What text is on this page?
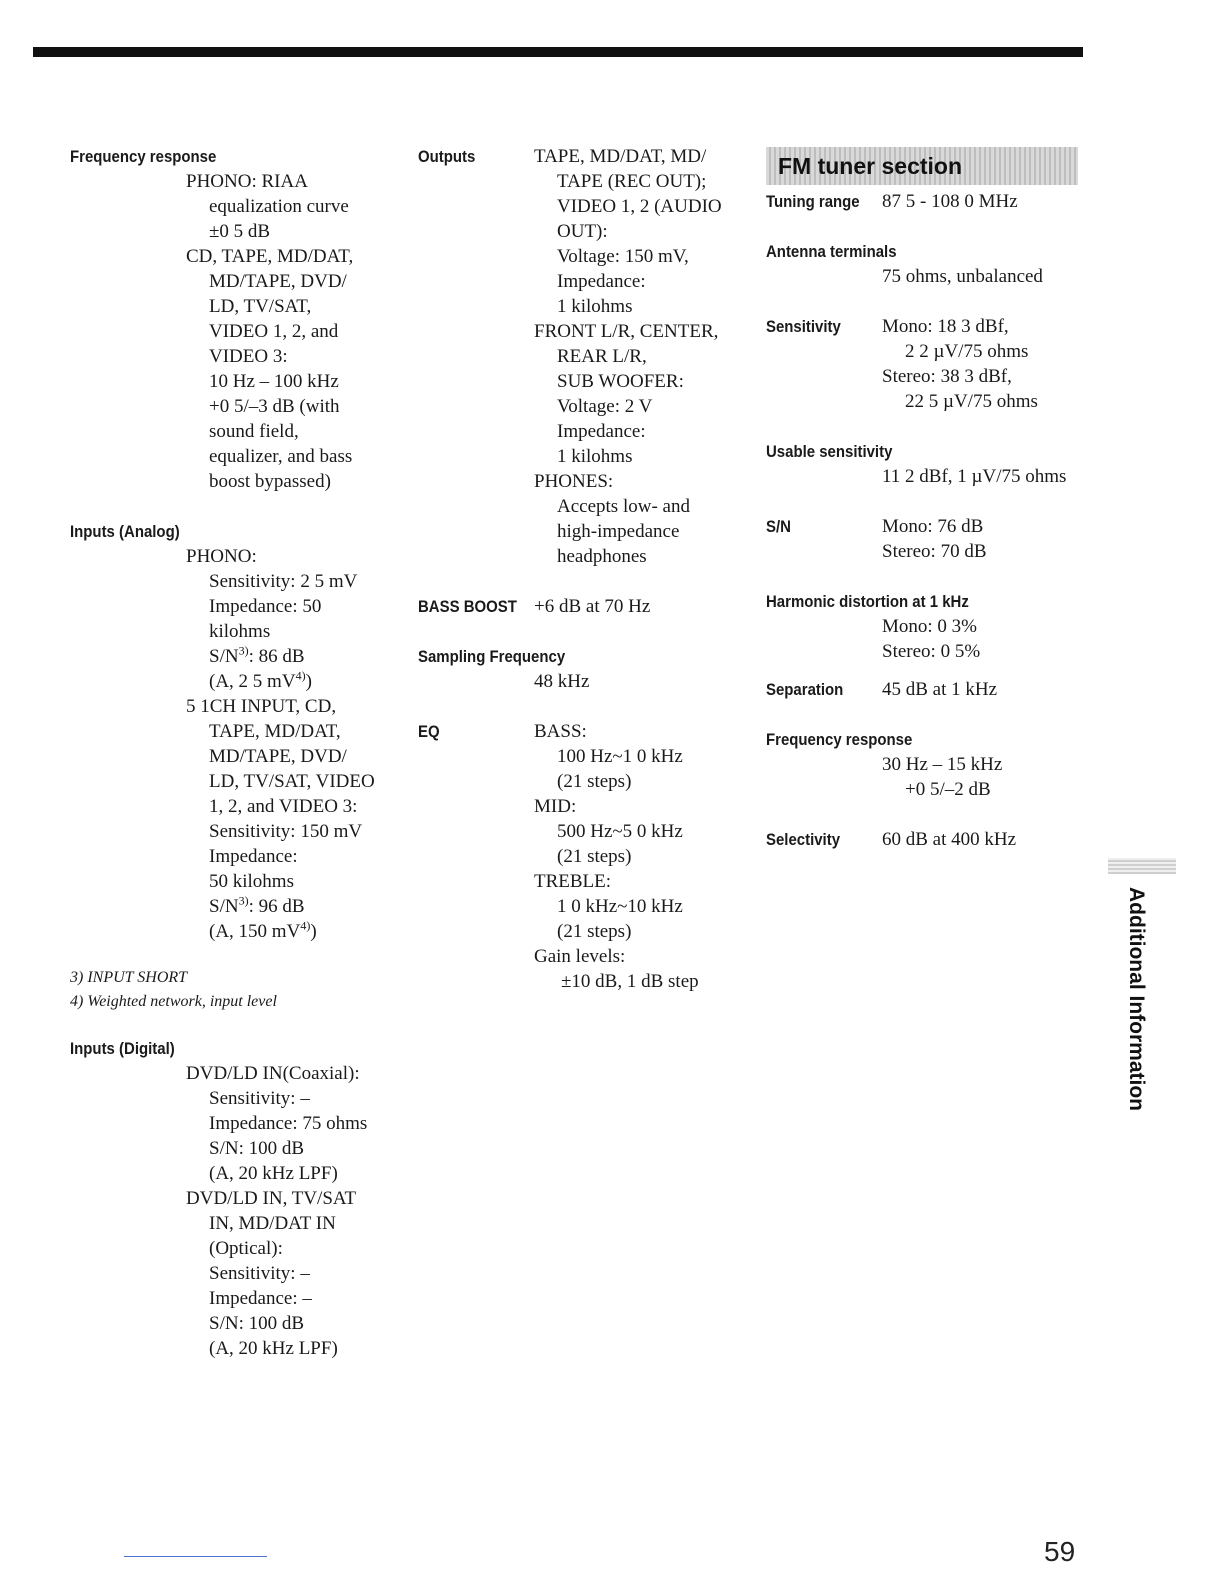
Frequency response
PHONO: RIAA
equalization curve
±0 5 dB
CD, TAPE, MD/DAT,
MD/TAPE, DVD/
LD, TV/SAT,
VIDEO 1, 2, and
VIDEO 3:
10 Hz – 100 kHz
+0 5/–3 dB (with
sound field,
equalizer, and bass
boost bypassed)
Inputs (Analog)
PHONO:
Sensitivity: 2 5 mV
Impedance: 50
kilohms
$S/N^{3)}$: 86 dB
(A, 2 5 $mV^{4)}$)
5 1CH INPUT, CD,
TAPE, MD/DAT,
MD/TAPE, DVD/
LD, TV/SAT, VIDEO
1, 2, and VIDEO 3:
Sensitivity: 150 mV
Impedance:
50 kilohms
$S/N^{3)}$: 96 dB
(A, 150 $mV^{4)}$)
3) INPUT SHORT
4) Weighted network, input level
Inputs (Digital)
DVD/LD IN(Coaxial):
Sensitivity: –
Impedance: 75 ohms
S/N: 100 dB
(A, 20 kHz LPF)
DVD/LD IN, TV/SAT
IN, MD/DAT IN
(Optical):
Sensitivity: –
Impedance: –
S/N: 100 dB
(A, 20 kHz LPF)
Outputs	TAPE, MD/DAT, MD/
TAPE (REC OUT);
VIDEO 1, 2 (AUDIO
OUT):
Voltage: 150 mV,
Impedance:
1 kilohms
FRONT L/R, CENTER,
REAR L/R,
SUB WOOFER:
Voltage: 2 V
Impedance:
1 kilohms
PHONES:
Accepts low- and
high-impedance
headphones
BASS BOOST +6 dB at 70 Hz
Sampling Frequency
48 kHz
EQ	BASS:
100 Hz~1 0 kHz
(21 steps)
MID:
500 Hz~5 0 kHz
(21 steps)
TREBLE:
1 0 kHz~10 kHz
(21 steps)
Gain levels:
±10 dB, 1 dB step
FM tuner section
Tuning range 87 5 - 108 0 MHz
Antenna terminals
75 ohms, unbalanced
Sensitivity Mono: 18 3 dBf,
2 2 µV/75 ohms
Stereo: 38 3 dBf,
22 5 µV/75 ohms
Usable sensitivity
11 2 dBf, 1 µV/75 ohms
S/N	Mono: 76 dB
Stereo: 70 dB
Harmonic distortion at 1 kHz
Mono: 0 3%
Stereo: 0 5%
Separation 45 dB at 1 kHz
Frequency response
30 Hz – 15 kHz
+0 5/–2 dB
Selectivity 60 dB at 400 kHz
Additional Information
59
